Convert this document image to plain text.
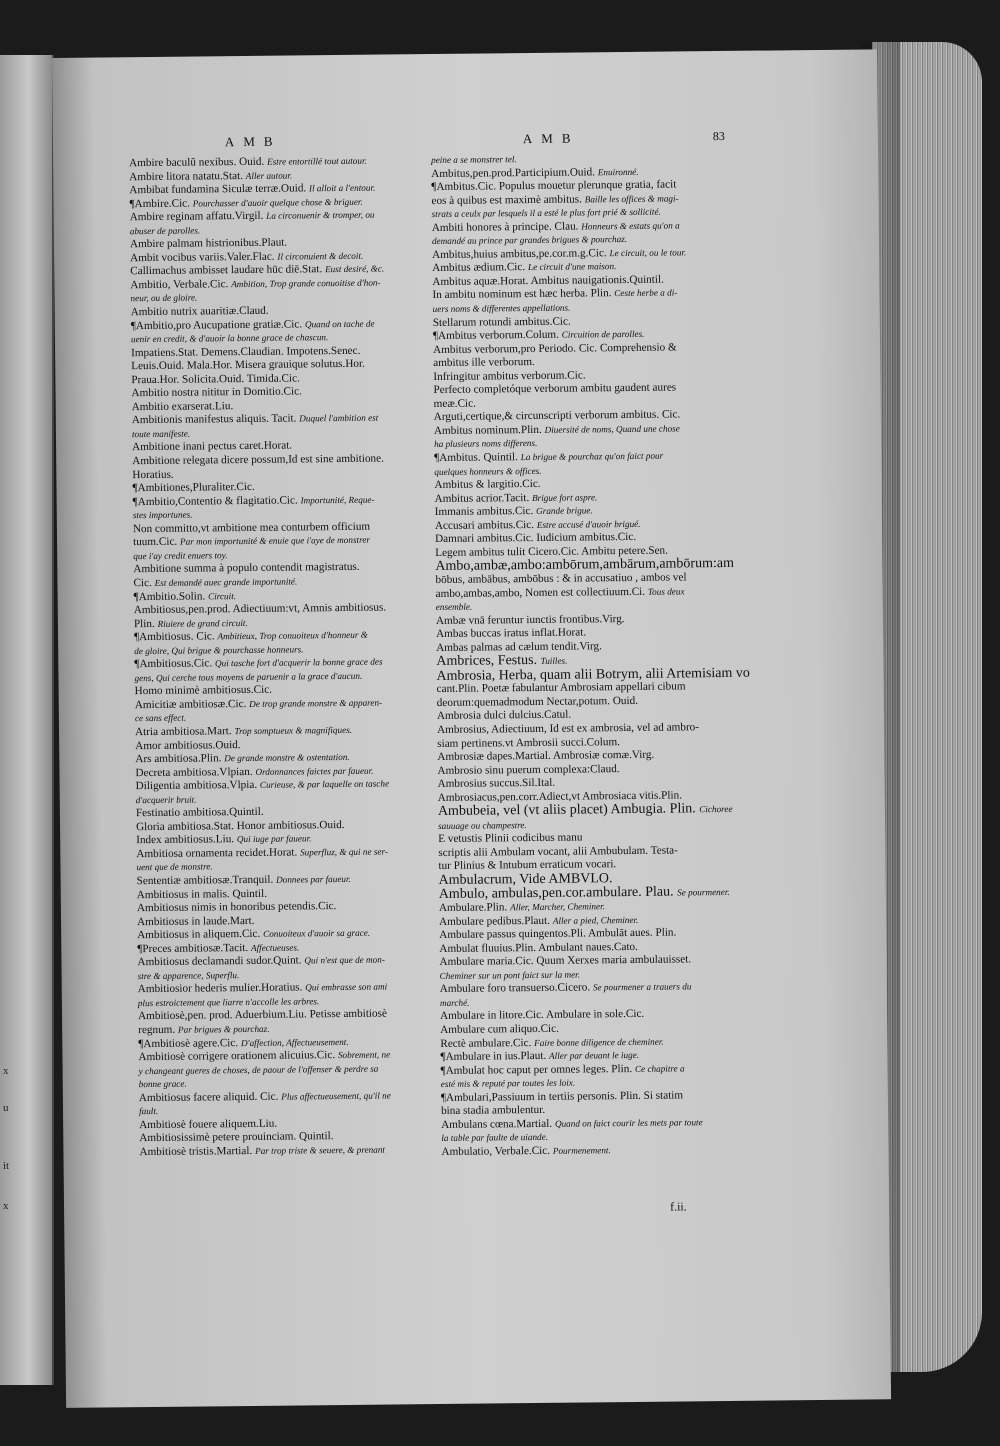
x
u
it
x
AMB	AMB	83

Ambire baculũ nexibus. Ouid. Estre entortillé tout autour.

Ambire litora natatu.Stat. Aller autour.

Ambibat fundamina Siculæ terræ.Ouid. Il alloit a l'entour.

¶Ambire.Cic. Pourchasser d'auoir quelque chose & briguer.

Ambire reginam affatu.Virgil. La circonuenir & tromper, ou

abuser de parolles.

Ambire palmam histrionibus.Plaut.

Ambit vocibus variis.Valer.Flac. Il circonuient & decoit.

Callimachus ambisset laudare hūc diē.Stat. Eust desiré, &c.

Ambitio, Verbale.Cic. Ambition, Trop grande conuoitise d'hon-

neur, ou de gloire.

Ambitio nutrix auaritiæ.Claud.

¶Ambitio,pro Aucupatione gratiæ.Cic. Quand on tache de

uenir en credit, & d'auoir la bonne grace de chascun.

Impatiens.Stat. Demens.Claudian. Impotens.Senec.

Leuis.Ouid. Mala.Hor. Misera grauique solutus.Hor.

Praua.Hor. Solicita.Ouid. Timida.Cic.

Ambitio nostra nititur in Domitio.Cic.

Ambitio exarserat.Liu.

Ambitionis manifestus aliquis. Tacit. Duquel l'ambition est

toute manifeste.

Ambitione inani pectus caret.Horat.

Ambitione relegata dicere possum,Id est sine ambitione.

Horatius.

¶Ambitiones,Pluraliter.Cic.

¶Ambitio,Contentio & flagitatio.Cic. Importunité, Reque-

stes importunes.

Non committo,vt ambitione mea conturbem officium

tuum.Cic. Par mon importunité & enuie que i'aye de monstrer

que i'ay credit enuers toy.

Ambitione summa à populo contendit magistratus.

Cic. Est demandé auec grande importunité.

¶Ambitio.Solin. Circuit.

Ambitiosus,pen.prod. Adiectiuum:vt, Amnis ambitiosus.

Plin. Riuiere de grand circuit.

¶Ambitiosus. Cic. Ambitieux, Trop conuoiteux d'honneur &

de gloire, Qui brigue & pourchasse honneurs.

¶Ambitiosus.Cic. Qui tasche fort d'acquerir la bonne grace des

gens, Qui cerche tous moyens de paruenir a la grace d'aucun.

Homo minimè ambitiosus.Cic.

Amicitiæ ambitiosæ.Cic. De trop grande monstre & apparen-

ce sans effect.

Atria ambitiosa.Mart. Trop somptueux & magnifiques.

Amor ambitiosus.Ouid.

Ars ambitiosa.Plin. De grande monstre & ostentation.

Decreta ambitiosa.Vlpian. Ordonnances faictes par faueur.

Diligentia ambitiosa.Vlpia. Curieuse, & par laquelle on tasche

d'acquerir bruit.

Festinatio ambitiosa.Quintil.

Gloria ambitiosa.Stat. Honor ambitiosus.Ouid.

Index ambitiosus.Liu. Qui iuge par faueur.

Ambitiosa ornamenta recidet.Horat. Superfluz, & qui ne ser-

uent que de monstre.

Sententiæ ambitiosæ.Tranquil. Donnees par faueur.

Ambitiosus in malis. Quintil.

Ambitiosus nimis in honoribus petendis.Cic.

Ambitiosus in laude.Mart.

Ambitiosus in aliquem.Cic. Conuoiteux d'auoir sa grace.

¶Preces ambitiosæ.Tacit. Affectueuses.

Ambitiosus declamandi sudor.Quint. Qui n'est que de mon-

stre & apparence, Superflu.

Ambitiosior hederis mulier.Horatius. Qui embrasse son ami

plus estroictement que liarre n'accolle les arbres.

Ambitiosè,pen. prod. Aduerbium.Liu. Petisse ambitiosè

regnum. Par brigues & pourchaz.

¶Ambitiosè agere.Cic. D'affection, Affectueusement.

Ambitiosè corrigere orationem alicuius.Cic. Sobrement, ne

y changeant gueres de choses, de paour de l'offenser & perdre sa

bonne grace.

Ambitiosus facere aliquid. Cic. Plus affectueusement, qu'il ne

fault.

Ambitiosè fouere aliquem.Liu.

Ambitiosissimè petere prouinciam. Quintil.

Ambitiosè tristis.Martial. Par trop triste & seuere, & prenant

peine a se monstrer tel.

Ambitus,pen.prod.Participium.Ouid. Enuironné.

¶Ambitus.Cic. Populus mouetur plerunque gratia, facit

eos à quibus est maximè ambitus. Baille les offices & magi-

strats a ceulx par lesquels il a esté le plus fort prié & sollicité.

Ambiti honores à principe. Clau. Honneurs & estats qu'on a

demandé au prince par grandes brigues & pourchaz.

Ambitus,huius ambitus,pe.cor.m.g.Cic. Le circuit, ou le tour.

Ambitus ædium.Cic. Le circuit d'une maison.

Ambitus aquæ.Horat. Ambitus nauigationis.Quintil.

In ambitu nominum est hæc herba. Plin. Ceste herbe a di-

uers noms & differentes appellations.

Stellarum rotundi ambitus.Cic.

¶Ambitus verborum.Colum. Circuition de parolles.

Ambitus verborum,pro Periodo. Cic. Comprehensio &

ambitus ille verborum.

Infringitur ambitus verborum.Cic.

Perfecto completóque verborum ambitu gaudent aures

meæ.Cic.

Arguti,certique,& circunscripti verborum ambitus. Cic.

Ambitus nominum.Plin. Diuersité de noms, Quand une chose

ha plusieurs noms differens.

¶Ambitus. Quintil. La brigue & pourchaz qu'on faict pour

quelques honneurs & offices.

Ambitus & largitio.Cic.

Ambitus acrior.Tacit. Brigue fort aspre.

Immanis ambitus.Cic. Grande brigue.

Accusari ambitus.Cic. Estre accusé d'auoir brigué.

Damnari ambitus.Cic. Iudicium ambitus.Cic.

Legem ambitus tulit Cicero.Cic. Ambitu petere.Sen.

Ambo,ambæ,ambo:ambōrum,ambārum,ambōrum:am

bōbus, ambābus, ambōbus : & in accusatiuo , ambos vel

ambo,ambas,ambo, Nomen est collectiuum.Ci. Tous deux

ensemble.

Ambæ vnā feruntur iunctis frontibus.Virg.

Ambas buccas iratus inflat.Horat.

Ambas palmas ad cælum tendit.Virg.

Ambrices, Festus. Tuilles.

Ambrosia, Herba, quam alii Botrym, alii Artemisiam vo

cant.Plin. Poetæ fabulantur Ambrosiam appellari cibum

deorum:quemadmodum Nectar,potum. Ouid.

Ambrosia dulci dulcius.Catul.

Ambrosius, Adiectiuum, Id est ex ambrosia, vel ad ambro-

siam pertinens.vt Ambrosii succi.Colum.

Ambrosiæ dapes.Martial. Ambrosiæ comæ.Virg.

Ambrosio sinu puerum complexa:Claud.

Ambrosius succus.Sil.Ital.

Ambrosiacus,pen.corr.Adiect,vt Ambrosiaca vitis.Plin.

Ambubeia, vel (vt aliis placet) Ambugia. Plin. Cichoree

sauuage ou champestre.

E vetustis Plinii codicibus manu

scriptis alii Ambulam vocant, alii Ambubulam. Testa-

tur Plinius & Intubum erraticum vocari.

Ambulacrum, Vide AMBVLO.

Ambulo, ambulas,pen.cor.ambulare. Plau. Se pourmener.

Ambulare.Plin. Aller, Marcher, Cheminer.

Ambulare pedibus.Plaut. Aller a pied, Cheminer.

Ambulare passus quingentos.Pli. Ambulāt aues. Plin.

Ambulat fluuius.Plin. Ambulant naues.Cato.

Ambulare maria.Cic. Quum Xerxes maria ambulauisset.

Cheminer sur un pont faict sur la mer.

Ambulare foro transuerso.Cicero. Se pourmener a trauers du

marché.

Ambulare in litore.Cic. Ambulare in sole.Cic.

Ambulare cum aliquo.Cic.

Rectè ambulare.Cic. Faire bonne diligence de cheminer.

¶Ambulare in ius.Plaut. Aller par deuant le iuge.

¶Ambulat hoc caput per omnes leges. Plin. Ce chapitre a

esté mis & reputé par toutes les loix.

¶Ambulari,Passiuum in tertiis personis. Plin. Si statim

bina stadia ambulentur.

Ambulans cœna.Martial. Quand on faict courir les mets par toute

la table par faulte de uiande.

Ambulatio, Verbale.Cic. Pourmenement.

f.ii.
